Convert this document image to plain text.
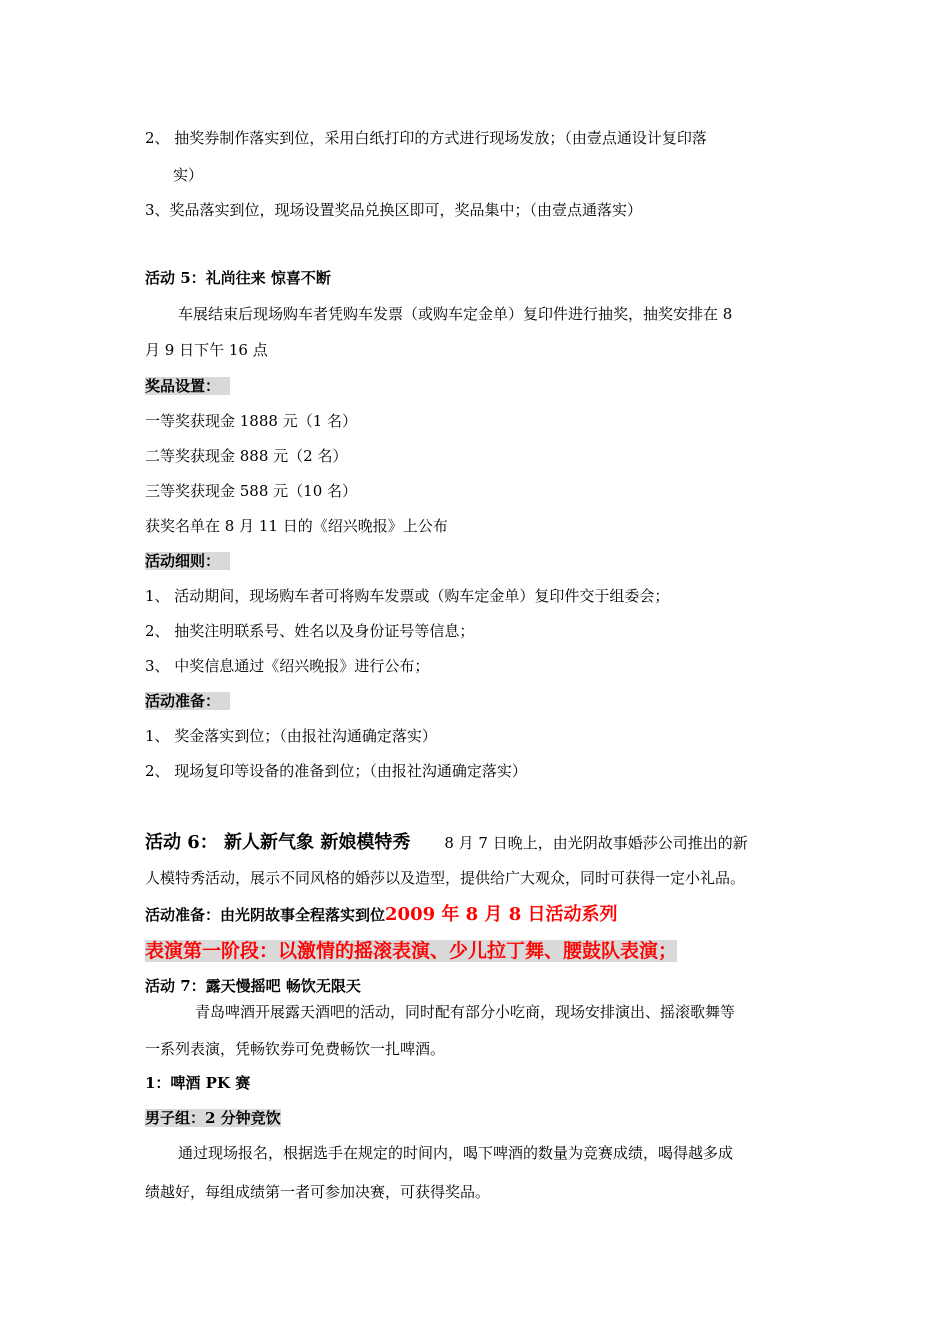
2、 抽奖券制作落实到位，采用白纸打印的方式进行现场发放；（由壹点通设计复印落
实）
3、奖品落实到位，现场设置奖品兑换区即可，奖品集中；（由壹点通落实）
活动 5：礼尚往来 惊喜不断
车展结束后现场购车者凭购车发票（或购车定金单）复印件进行抽奖，抽奖安排在 8
月 9 日下午 16 点
奖品设置：
一等奖获现金 1888 元（1 名）
二等奖获现金 888 元（2 名）
三等奖获现金 588 元（10 名）
获奖名单在 8 月 11 日的《绍兴晚报》上公布
活动细则：
1、 活动期间，现场购车者可将购车发票或（购车定金单）复印件交于组委会；
2、 抽奖注明联系号、姓名以及身份证号等信息；
3、 中奖信息通过《绍兴晚报》进行公布；
活动准备：
1、 奖金落实到位；（由报社沟通确定落实）
2、 现场复印等设备的准备到位；（由报社沟通确定落实）
活动 6： 新人新气象 新娘模特秀 8 月 7 日晚上，由光阴故事婚莎公司推出的新
人模特秀活动，展示不同风格的婚莎以及造型，提供给广大观众，同时可获得一定小礼品。
活动准备：由光阴故事全程落实到位2009 年 8 月 8 日活动系列
表演第一阶段：以激情的摇滚表演、少儿拉丁舞、腰鼓队表演；
活动 7：露天慢摇吧 畅饮无限天
青岛啤酒开展露天酒吧的活动，同时配有部分小吃商，现场安排演出、摇滚歌舞等
一系列表演，凭畅钦券可免费畅饮一扎啤酒。
1：啤酒 PK 赛
男子组：2 分钟竞饮
通过现场报名，根据选手在规定的时间内，喝下啤酒的数量为竞赛成绩，喝得越多成
绩越好，每组成绩第一者可参加决赛，可获得奖品。
